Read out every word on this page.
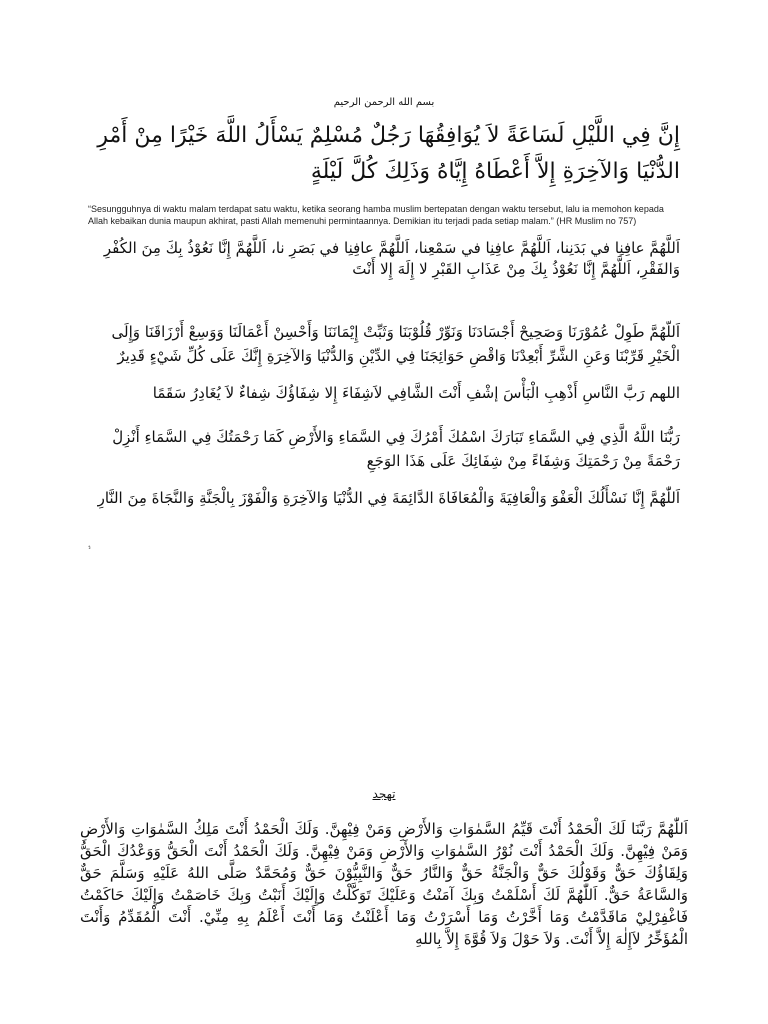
بسم الله الرحمن الرحيم
إِنَّ فِي اللَّيْلِ لَسَاعَةً لاَ يُوَافِقُهَا رَجُلٌ مُسْلِمٌ يَسْأَلُ اللَّهَ خَيْرًا مِنْ أَمْرِ الدُّنْيَا وَالآخِرَةِ إِلاَّ أَعْطَاهُ إِيَّاهُ وَذَلِكَ كُلَّ لَيْلَةٍ
“Sesungguhnya di waktu malam terdapat satu waktu, ketika seorang hamba muslim bertepatan dengan waktu tersebut, lalu ia memohon kepada Allah kebaikan dunia maupun akhirat, pasti Allah memenuhi permintaannya. Demikian itu terjadi pada setiap malam.” (HR Muslim no 757)
اَللَّهُمَّ عافِنِا في بَدَنِنا، اَللَّهُمَّ عافِنِا في سَمْعِنا، اَللَّهُمَّ عافِنِا في بَصَرِ نا، اَللَّهُمَّ إِنَّا نَعُوْذُ بِكَ مِنَ الكُفْرِ وَالفَقْرِ، اَللَّهُمَّ إِنَّا نَعُوْذُ بِكَ مِنْ عَذَابِ القَبْرِ لا إِلَهَ إِلا أَنْتَ
اَللّهُمَّ طَوِلْ عُمُوْرَنَا وَصَحِيحْ أَجْسَادَنَا وَنَوِّرْ قُلُوْبَنَا وَثَبِّتْ إِيْمَانَنَا وَأَحْسِنْ أَعْمَالَنَا وَوَسِعْ أَرْزَاقَنَا وَإِلَى الْخَيْرِ قَرِّبْنَا وَعَنِ الشَّرِّ أَبْعِدْنَا وَاقْضِ حَوَائِجَنَا فِي الدِّيْنِ وَالدُّنْيَا وَالآخِرَةِ إِنَّكَ عَلَى كُلِّ شَيْءٍ قَدِيرٌ
اللهم رَبَّ النَّاسِ أَذْهِبِ الْبَأْسَ إشْفِ أَنْتَ الشَّافِي لاَشِفَاءَ إِلا شِفَاؤُكَ شِفاءٌ لاَ يُغَادِرُ سَقَمًا
رَبُّنَا اللَّهُ الَّذِي فِي السَّمَاءِ تَبَارَكَ اسْمُكَ أَمْرُكَ فِي السَّمَاءِ وَالأَرْضِ كَمَا رَحْمَتُكَ فِي السَّمَاءِ أَنْزِلْ رَحْمَةً مِنْ رَحْمَتِكَ وَشِفَاءً مِنْ شِفَائِكَ عَلَى هَذَا الوَجَعِ
اَللّٰهُمَّ إِنَّا نَسْأَلُكَ الْعَفْوَ وَالْعَافِيَةَ وَالْمُعَافَاةَ الدَّائِمَةَ فِي الدُّنْيَا وَالآخِرَةِ وَالْفَوْزَ بِالْجَنَّةِ وَالنَّجَاةَ مِنَ النَّارِ
ﱞ
تهجد
اَللّٰهُمَّ رَبَّنَا لَكَ الْحَمْدُ أَنْتَ قَيِّمُ السَّمٰوَاتِ وَالأَرْضِ وَمَنْ فِيْهِنَّ. وَلَكَ الْحَمْدُ أَنْتَ مَلِكُ السَّمٰوَاتِ وَالأَرْضِ وَمَنْ فِيْهِنَّ. وَلَكَ الْحَمْدُ أَنْتَ نُوْرُ السَّمٰوَاتِ وَالأَرْضِ وَمَنْ فِيْهِنَّ. وَلَكَ الْحَمْدُ أَنْتَ الْحَقُّ وَوَعْدُكَ الْحَقُّ وَلِقَاؤُكَ حَقٌّ وَقَوْلُكَ حَقٌّ وَالْجَنَّةُ حَقٌّ وَالنَّارُ حَقٌّ وَالنَّبِيُّوْنَ حَقٌّ وَمُحَمَّدٌ صَلَّى اللهُ عَلَيْهِ وَسَلَّمَ حَقٌّ وَالسَّاعَةُ حَقٌّ. اَللّٰهُمَّ لَكَ أَسْلَمْتُ وَبِكَ آمَنْتُ وَعَلَيْكَ تَوَكَّلْتُ وَإِلَيْكَ أَنَبْتُ وَبِكَ خَاصَمْتُ وَإِلَيْكَ حَاكَمْتُ فَاغْفِرْلِيْ مَاقَدَّمْتُ وَمَا أَخَّرْتُ وَمَا أَسْرَرْتُ وَمَا أَعْلَنْتُ وَمَا أَنْتَ أَعْلَمُ بِهِ مِنِّيْ. أَنْتَ الْمُقَدِّمُ وَأَنْتَ الْمُؤَخِّرُ لاَإِلٰهَ إِلاَّ أَنْتَ. وَلاَ حَوْلَ وَلاَ قُوَّةَ إِلاَّ بِاللهِ
